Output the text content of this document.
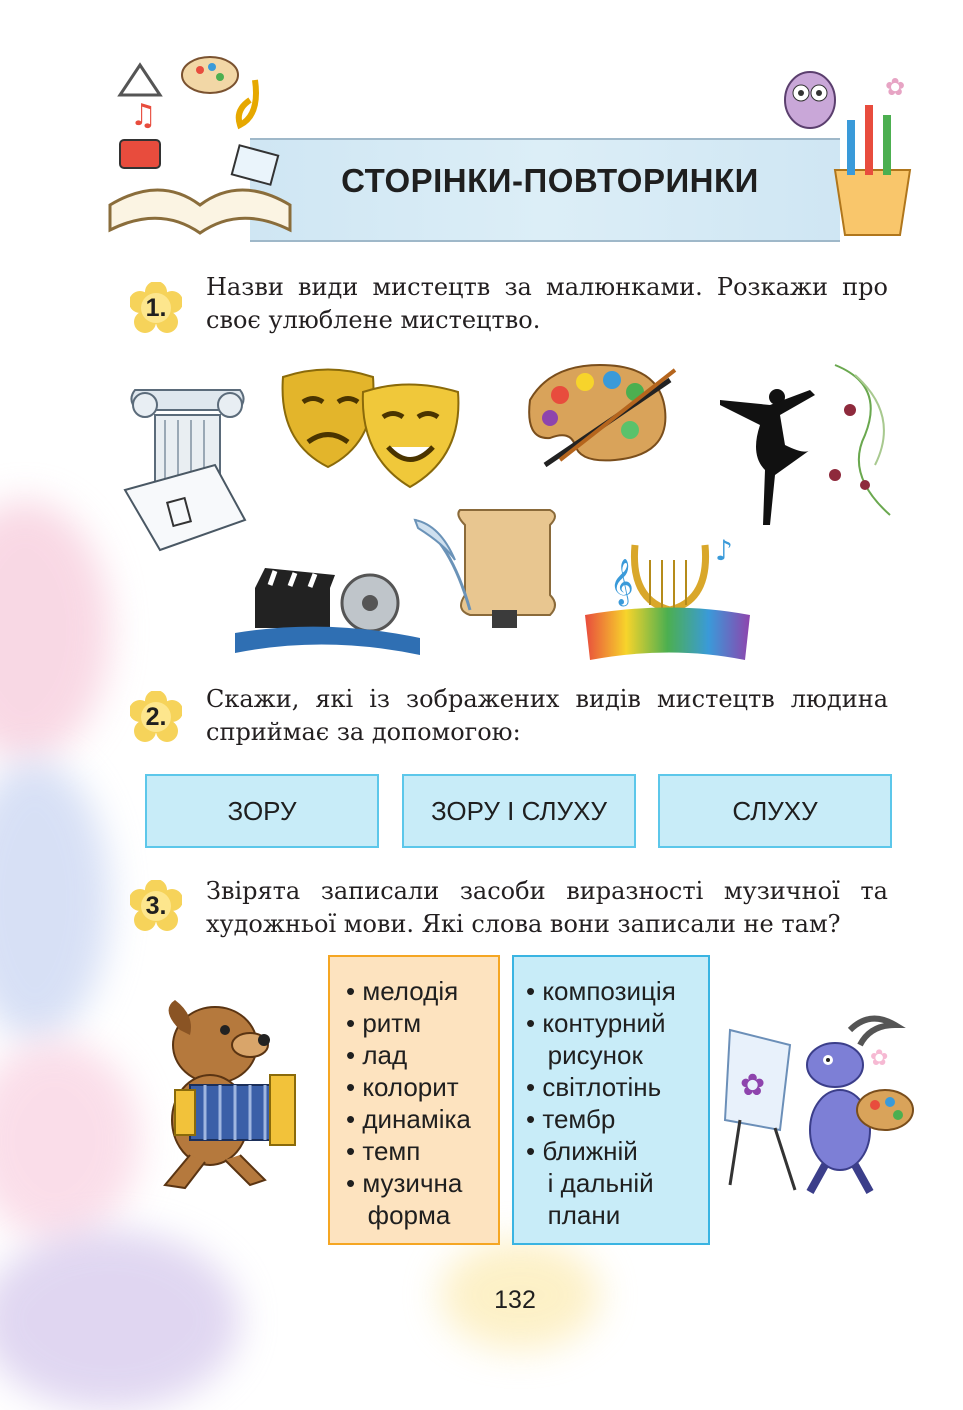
♫
✿
СТОРІНКИ-ПОВТОРИНКИ
1.
Назви види мистецтв за малюнками. Розкажи про своє улюблене мистецтво.
𝄞
♪
2.
Скажи, які із зображених видів мистецтв людина сприймає за допомогою:
ЗОРУ	ЗОРУ І СЛУХУ	СЛУХУ
3.
Звірята записали засоби виразності музичної та художньої мови. Які слова вони записали не там?
• мелодія
• ритм
• лад
• колорит
• динаміка
• темп
• музична
форма
• композиція
• контурний
рисунок
• світлотінь
• тембр
• ближній
і дальній
плани
✿
✿
132
